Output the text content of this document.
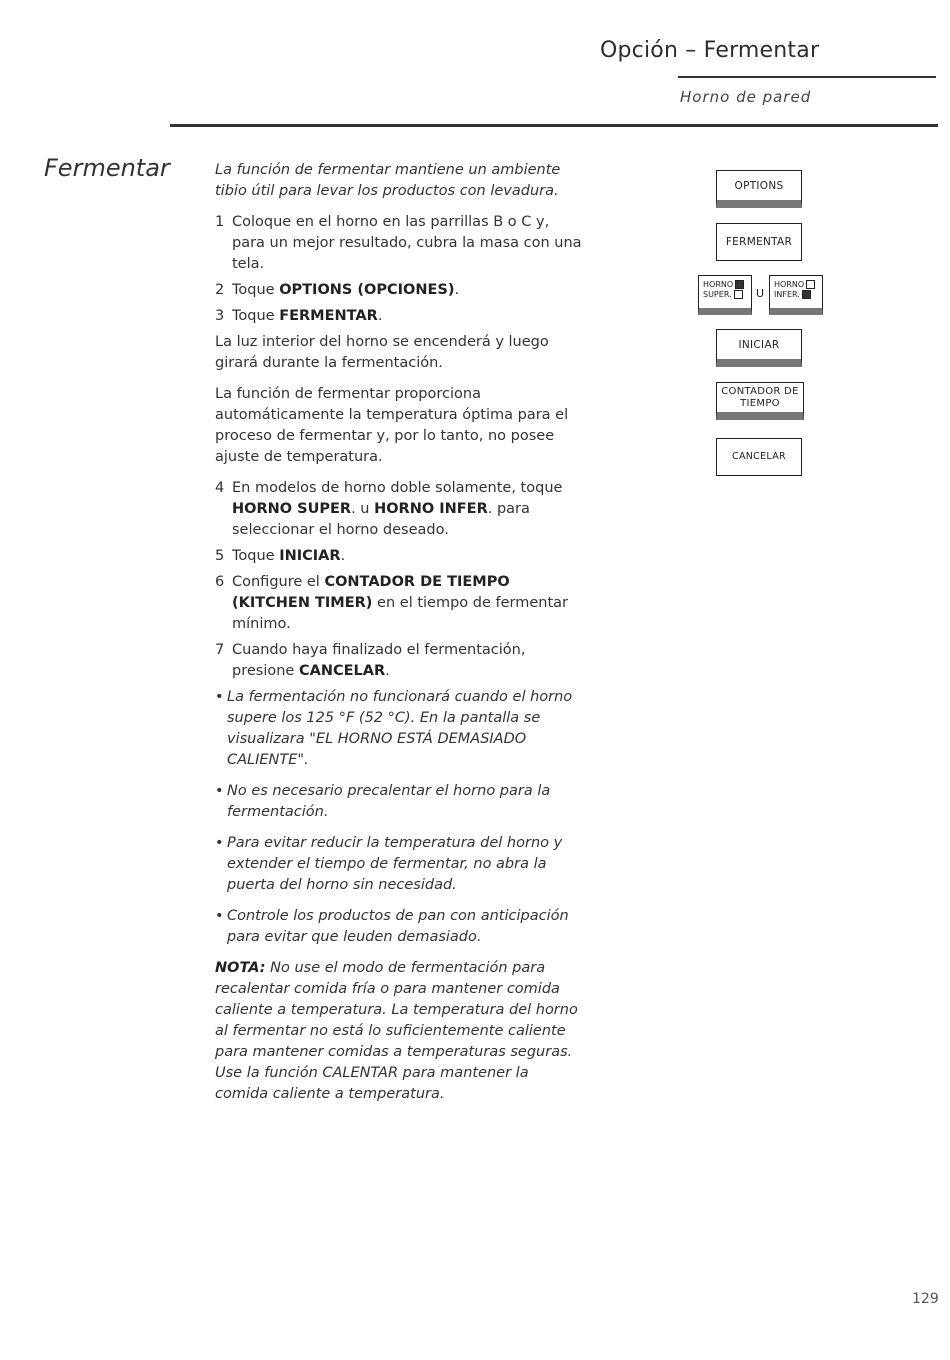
Opción – Fermentar
Horno de pared
Fermentar	La función de fermentar mantiene un ambiente tibio útil para levar los productos con levadura.

1 Coloque en el horno en las parrillas B o C y, para un mejor resultado, cubra la masa con una tela.
2 Toque OPTIONS (OPCIONES).
3 Toque FERMENTAR.

La luz interior del horno se encenderá y luego girará durante la fermentación.

La función de fermentar proporciona automáticamente la temperatura óptima para el proceso de fermentar y, por lo tanto, no posee ajuste de temperatura.

4 En modelos de horno doble solamente, toque HORNO SUPER. u HORNO INFER. para seleccionar el horno deseado.
5 Toque INICIAR.
6 Configure el CONTADOR DE TIEMPO (KITCHEN TIMER) en el tiempo de fermentar mínimo.
7 Cuando haya finalizado el fermentación, presione CANCELAR.
• La fermentación no funcionará cuando el horno supere los 125 °F (52 °C). En la pantalla se visualizara "EL HORNO ESTÁ DEMASIADO CALIENTE".
• No es necesario precalentar el horno para la fermentación.
• Para evitar reducir la temperatura del horno y extender el tiempo de fermentar, no abra la puerta del horno sin necesidad.
• Controle los productos de pan con anticipación para evitar que leuden demasiado.

NOTA: No use el modo de fermentación para recalentar comida fría o para mantener comida caliente a temperatura. La temperatura del horno al fermentar no está lo suficientemente caliente para mantener comidas a temperaturas seguras. Use la función CALENTAR para mantener la comida caliente a temperatura.

OPTIONS
FERMENTAR
HORNO
SUPER.	U
HORNO
INFER.
INICIAR
CONTADOR DE TIEMPO
CANCELAR
129
